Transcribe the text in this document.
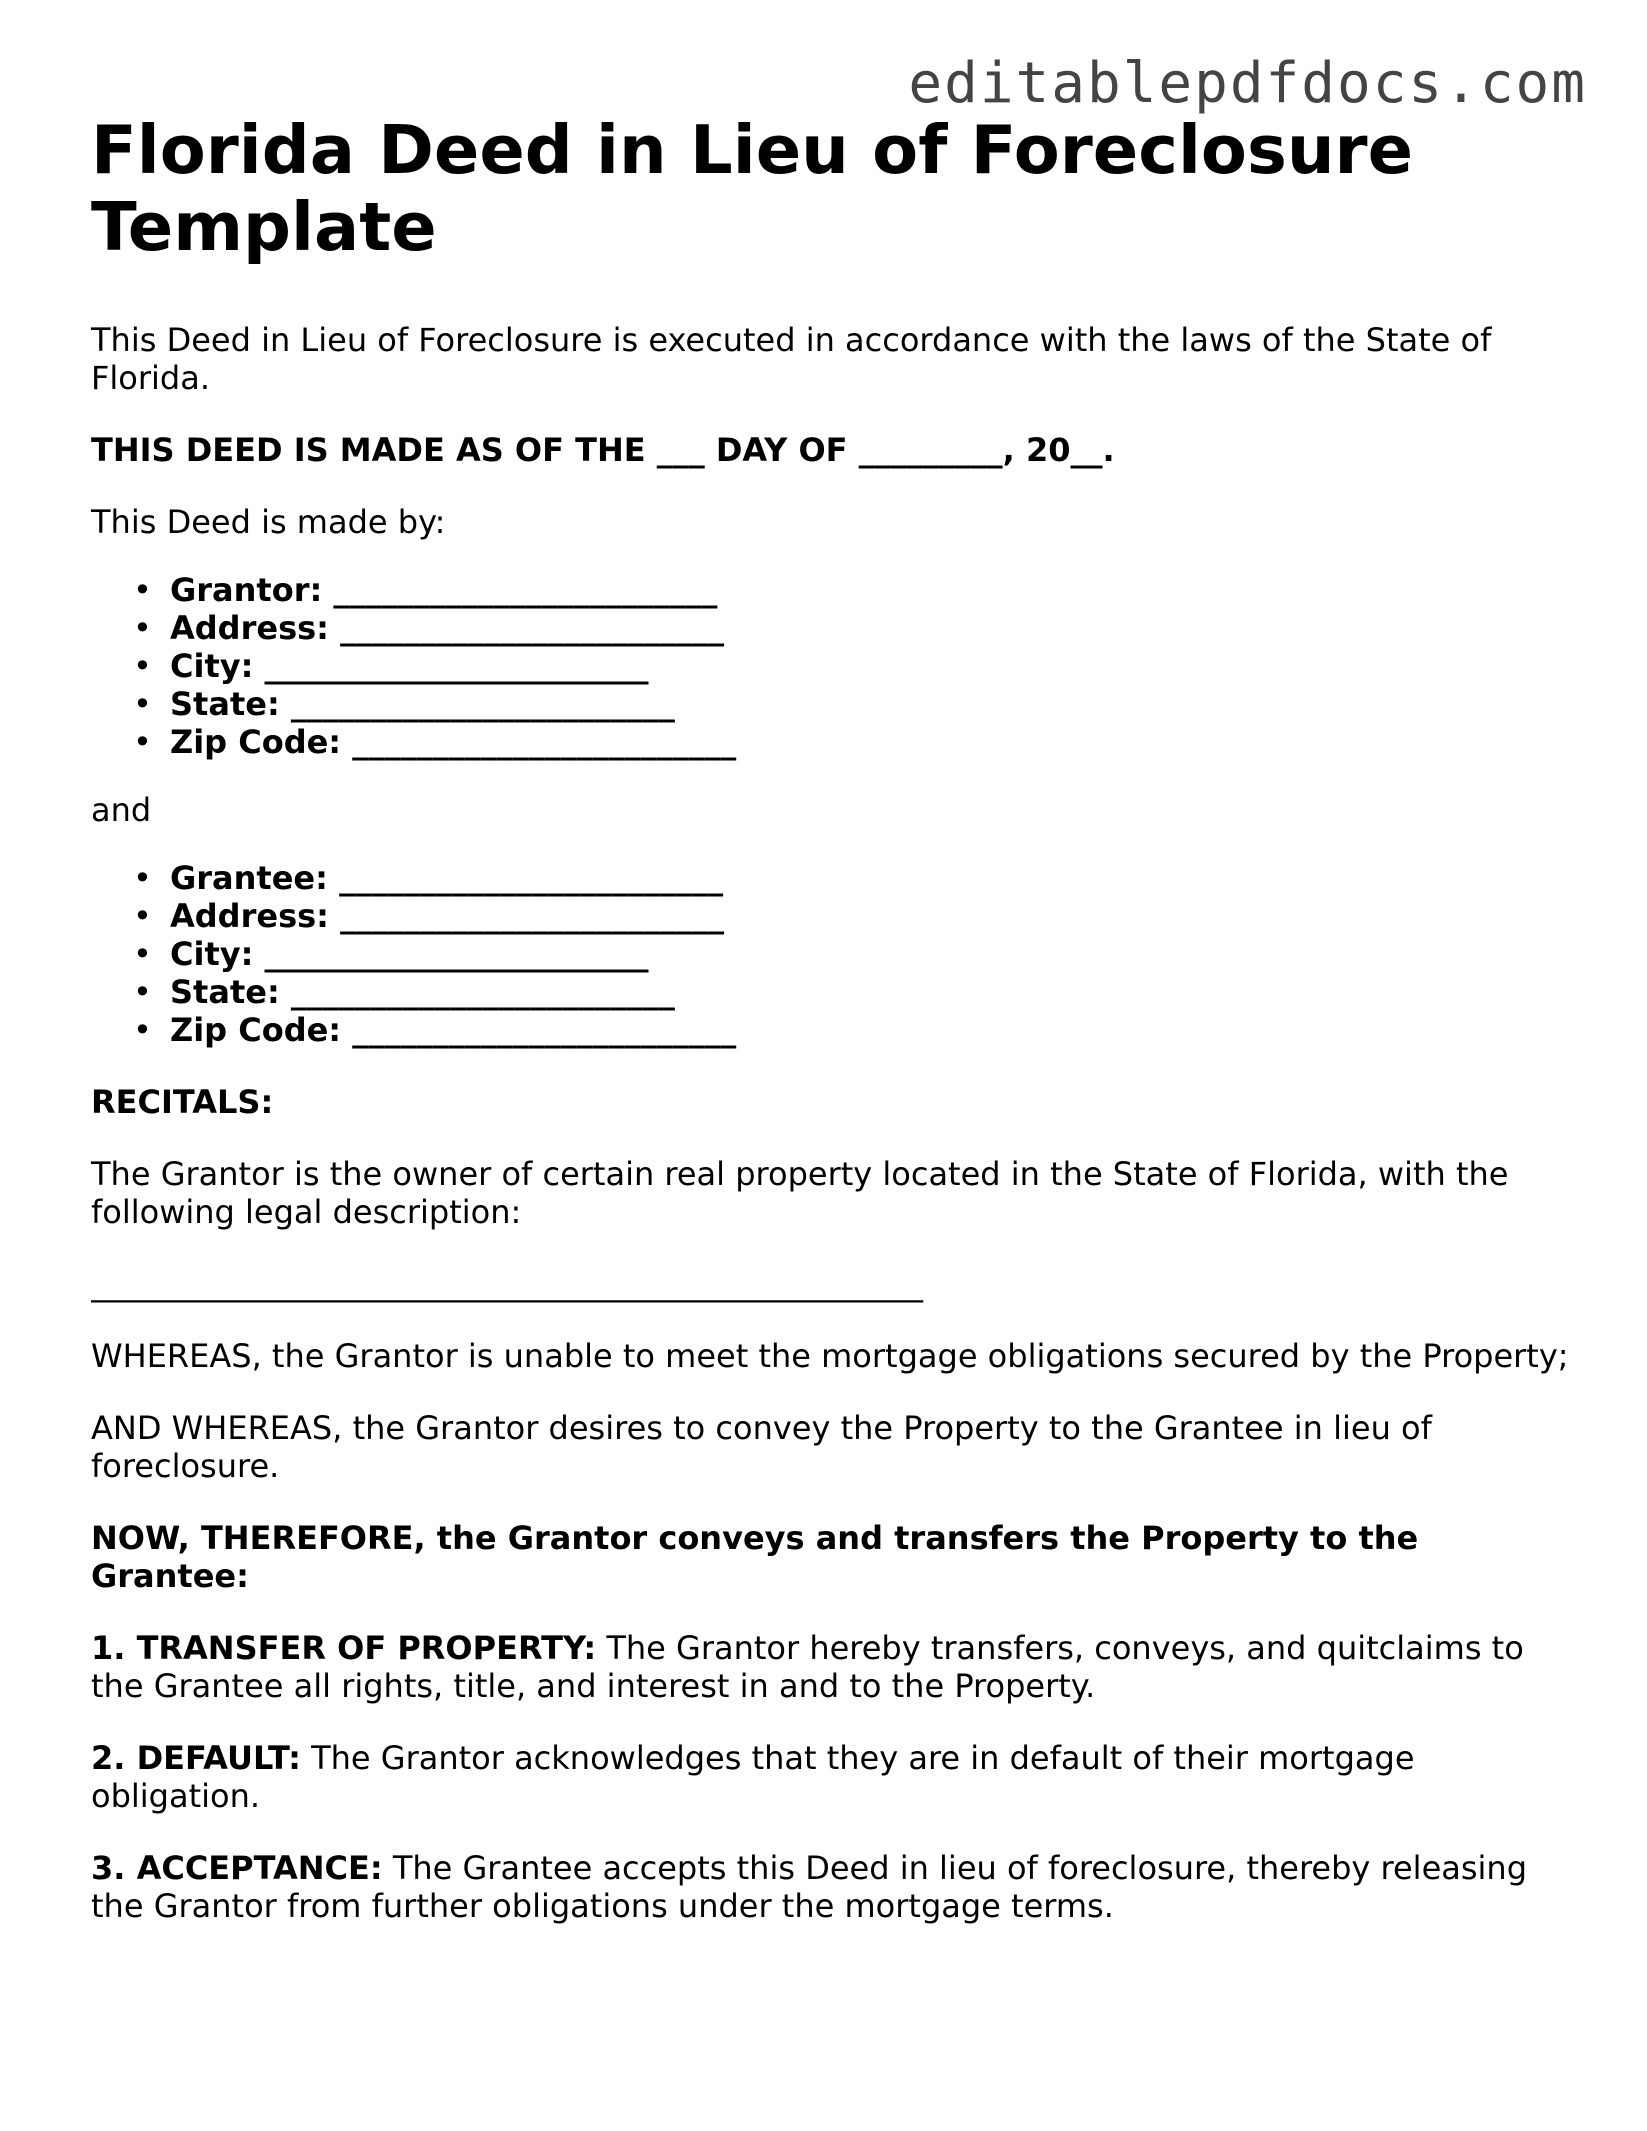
editablepdfdocs.com
Florida Deed in Lieu of Foreclosure Template

This Deed in Lieu of Foreclosure is executed in accordance with the laws of the State of Florida.

THIS DEED IS MADE AS OF THE ___ DAY OF _________, 20__.

This Deed is made by:

• Grantor: ________________________
• Address: ________________________
• City: ________________________
• State: ________________________
• Zip Code: ________________________

and

• Grantee: ________________________
• Address: ________________________
• City: ________________________
• State: ________________________
• Zip Code: ________________________

RECITALS:

The Grantor is the owner of certain real property located in the State of Florida, with the following legal description:

____________________________________________________

WHEREAS, the Grantor is unable to meet the mortgage obligations secured by the Property;

AND WHEREAS, the Grantor desires to convey the Property to the Grantee in lieu of foreclosure.

NOW, THEREFORE, the Grantor conveys and transfers the Property to the Grantee:

1. TRANSFER OF PROPERTY: The Grantor hereby transfers, conveys, and quitclaims to the Grantee all rights, title, and interest in and to the Property.

2. DEFAULT: The Grantor acknowledges that they are in default of their mortgage obligation.

3. ACCEPTANCE: The Grantee accepts this Deed in lieu of foreclosure, thereby releasing the Grantor from further obligations under the mortgage terms.
